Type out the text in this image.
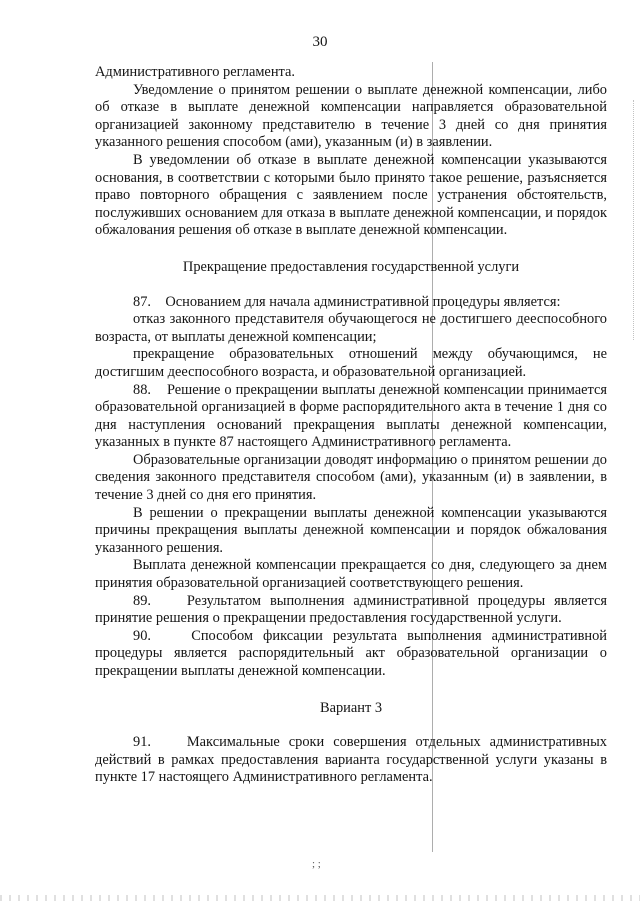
30

Административного регламента.

Уведомление о принятом решении о выплате денежной компенсации, либо об отказе в выплате денежной компенсации направляется образовательной организацией законному представителю в течение 3 дней со дня принятия указанного решения способом (ами), указанным (и) в заявлении.

В уведомлении об отказе в выплате денежной компенсации указываются основания, в соответствии с которыми было принято такое решение, разъясняется право повторного обращения с заявлением после устранения обстоятельств, послуживших основанием для отказа в выплате денежной компенсации, и порядок обжалования решения об отказе в выплате денежной компенсации.

Прекращение предоставления государственной услуги

87.    Основанием для начала административной процедуры является:

отказ законного представителя обучающегося не достигшего дееспособного возраста, от выплаты денежной компенсации;

прекращение образовательных отношений между обучающимся, не достигшим дееспособного возраста, и образовательной организацией.

88.    Решение о прекращении выплаты денежной компенсации принимается образовательной организацией в форме распорядительного акта в течение 1 дня со дня наступления оснований прекращения выплаты денежной компенсации, указанных в пункте 87 настоящего Административного регламента.

Образовательные организации доводят информацию о принятом решении до сведения законного представителя способом (ами), указанным (и) в заявлении, в течение 3 дней со дня его принятия.

В решении о прекращении выплаты денежной компенсации указываются причины прекращения выплаты денежной компенсации и порядок обжалования указанного решения.

Выплата денежной компенсации прекращается со дня, следующего за днем принятия образовательной организацией соответствующего решения.

89.    Результатом выполнения административной процедуры является принятие решения о прекращении предоставления государственной услуги.

90.    Способом фиксации результата выполнения административной процедуры является распорядительный акт образовательной организации о прекращении выплаты денежной компенсации.

Вариант 3

91.    Максимальные сроки совершения отдельных административных действий в рамках предоставления варианта государственной услуги указаны в пункте 17 настоящего Административного регламента.

; ;
